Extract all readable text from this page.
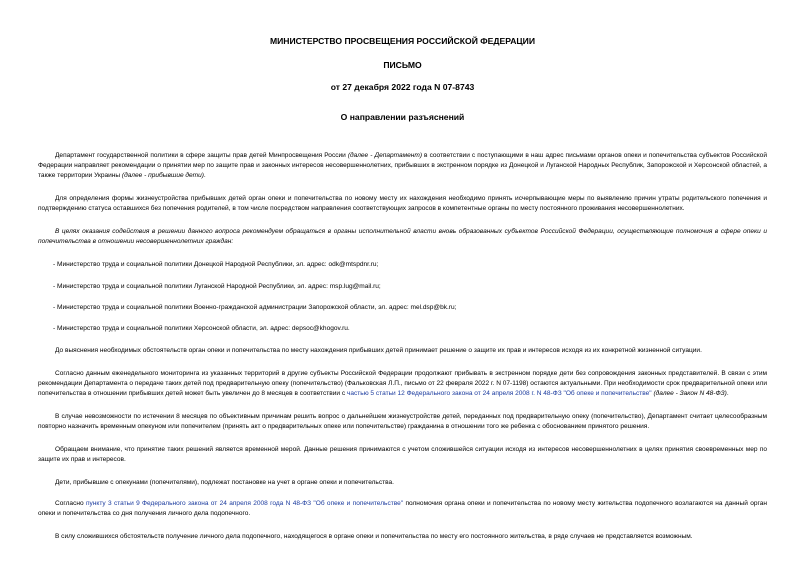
МИНИСТЕРСТВО ПРОСВЕЩЕНИЯ РОССИЙСКОЙ ФЕДЕРАЦИИ
ПИСЬМО
от 27 декабря 2022 года N 07-8743
О направлении разъяснений

Департамент государственной политики в сфере защиты прав детей Минпросвещения России (далее - Департамент) в соответствии с поступающими в наш адрес письмами органов опеки и попечительства субъектов Российской Федерации направляет рекомендации о принятии мер по защите прав и законных интересов несовершеннолетних, прибывших в экстренном порядке из Донецкой и Луганской Народных Республик, Запорожской и Херсонской областей, а также территории Украины (далее - прибывшие дети).

Для определения формы жизнеустройства прибывших детей орган опеки и попечительства по новому месту их нахождения необходимо принять исчерпывающие меры по выявлению причин утраты родительского попечения и подтверждению статуса оставшихся без попечения родителей, в том числе посредством направления соответствующих запросов в компетентные органы по месту постоянного проживания несовершеннолетних.

В целях оказания содействия в решении данного вопроса рекомендуем обращаться в органы исполнительной власти вновь образованных субъектов Российской Федерации, осуществляющие полномочия в сфере опеки и попечительства в отношении несовершеннолетних граждан:

- Министерство труда и социальной политики Донецкой Народной Республики, эл. адрес: odk@mtspdnr.ru;

- Министерство труда и социальной политики Луганской Народной Республики, эл. адрес: msp.lug@mail.ru;

- Министерство труда и социальной политики Военно-гражданской администрации Запорожской области, эл. адрес: mel.dsp@bk.ru;

- Министерство труда и социальной политики Херсонской области, эл. адрес: depsoc@khogov.ru.

До выяснения необходимых обстоятельств орган опеки и попечительства по месту нахождения прибывших детей принимает решение о защите их прав и интересов исходя из их конкретной жизненной ситуации.

Согласно данным еженедельного мониторинга из указанных территорий в другие субъекты Российской Федерации продолжают прибывать в экстренном порядке дети без сопровождения законных представителей. В связи с этим рекомендации Департамента о передаче таких детей под предварительную опеку (попечительство) (Фальковская Л.П., письмо от 22 февраля 2022 г. N 07-1198) остаются актуальными. При необходимости срок предварительной опеки или попечительства в отношении прибывших детей может быть увеличен до 8 месяцев в соответствии с частью 5 статьи 12 Федерального закона от 24 апреля 2008 г. N 48-ФЗ "Об опеке и попечительстве" (далее - Закон N 48-ФЗ).

В случае невозможности по истечении 8 месяцев по объективным причинам решить вопрос о дальнейшем жизнеустройстве детей, переданных под предварительную опеку (попечительство), Департамент считает целесообразным повторно назначить временным опекуном или попечителем (принять акт о предварительных опеке или попечительстве) гражданина в отношении того же ребенка с обоснованием принятого решения.

Обращаем внимание, что принятие таких решений является временной мерой. Данные решения принимаются с учетом сложившейся ситуации исходя из интересов несовершеннолетних в целях принятия своевременных мер по защите их прав и интересов.

Дети, прибывшие с опекунами (попечителями), подлежат постановке на учет в органе опеки и попечительства.

Согласно пункту 3 статьи 9 Федерального закона от 24 апреля 2008 года N 48-ФЗ "Об опеке и попечительстве" полномочия органа опеки и попечительства по новому месту жительства подопечного возлагаются на данный орган опеки и попечительства со дня получения личного дела подопечного.

В силу сложившихся обстоятельств получение личного дела подопечного, находящегося в органе опеки и попечительства по месту его постоянного жительства, в ряде случаев не представляется возможным.
